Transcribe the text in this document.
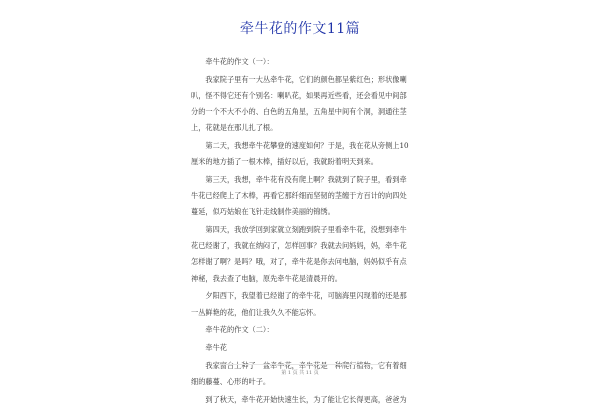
牵牛花的作文11篇

牵牛花的作文（一）：

我家院子里有一大丛牵牛花，它们的颜色都呈紫红色；形状像喇叭，怪不得它还有个别名：喇叭花，如果再近些看，还会看见中间部分的一个不大不小的、白色的五角星，五角星中间有个洞，洞通往茎上，花就是在那儿扎了根。

第二天，我想牵牛花攀登的速度如何？于是，我在花从旁侧上10厘米的地方插了一根木棒，插好以后，我就盼着明天到来。

第三天，我想，牵牛花有没有爬上啊？我就到了院子里，看到牵牛花已经爬上了木棒，再看它那纤细而坚韧的茎缠于方百计的向四处蔓延，似巧姑娘在飞针走线制作美丽的锦绣。

第四天，我放学回到家就立刻跑到院子里看牵牛花，没想到牵牛花已经谢了，我就在纳闷了，怎样回事？我就去问妈妈，妈，牵牛花怎样谢了啊？是吗？哦，对了，牵牛花是你去问电脑，妈妈似乎有点神秘，我去查了电脑，原先牵牛花是清晨开的。

夕阳西下，我望着已经谢了的牵牛花，可脑海里闪现着的还是那一丛鲜艳的花，他们让我久久不能忘怀。

牵牛花的作文（二）：

牵牛花

我家窗台上种了一盆牵牛花，牵牛花是一种爬行植物，它有着细细的藤蔓、心形的叶子。

到了秋天，牵牛花开始快速生长，为了能让它长得更高，爸爸为

第 1 页 共 11 页
